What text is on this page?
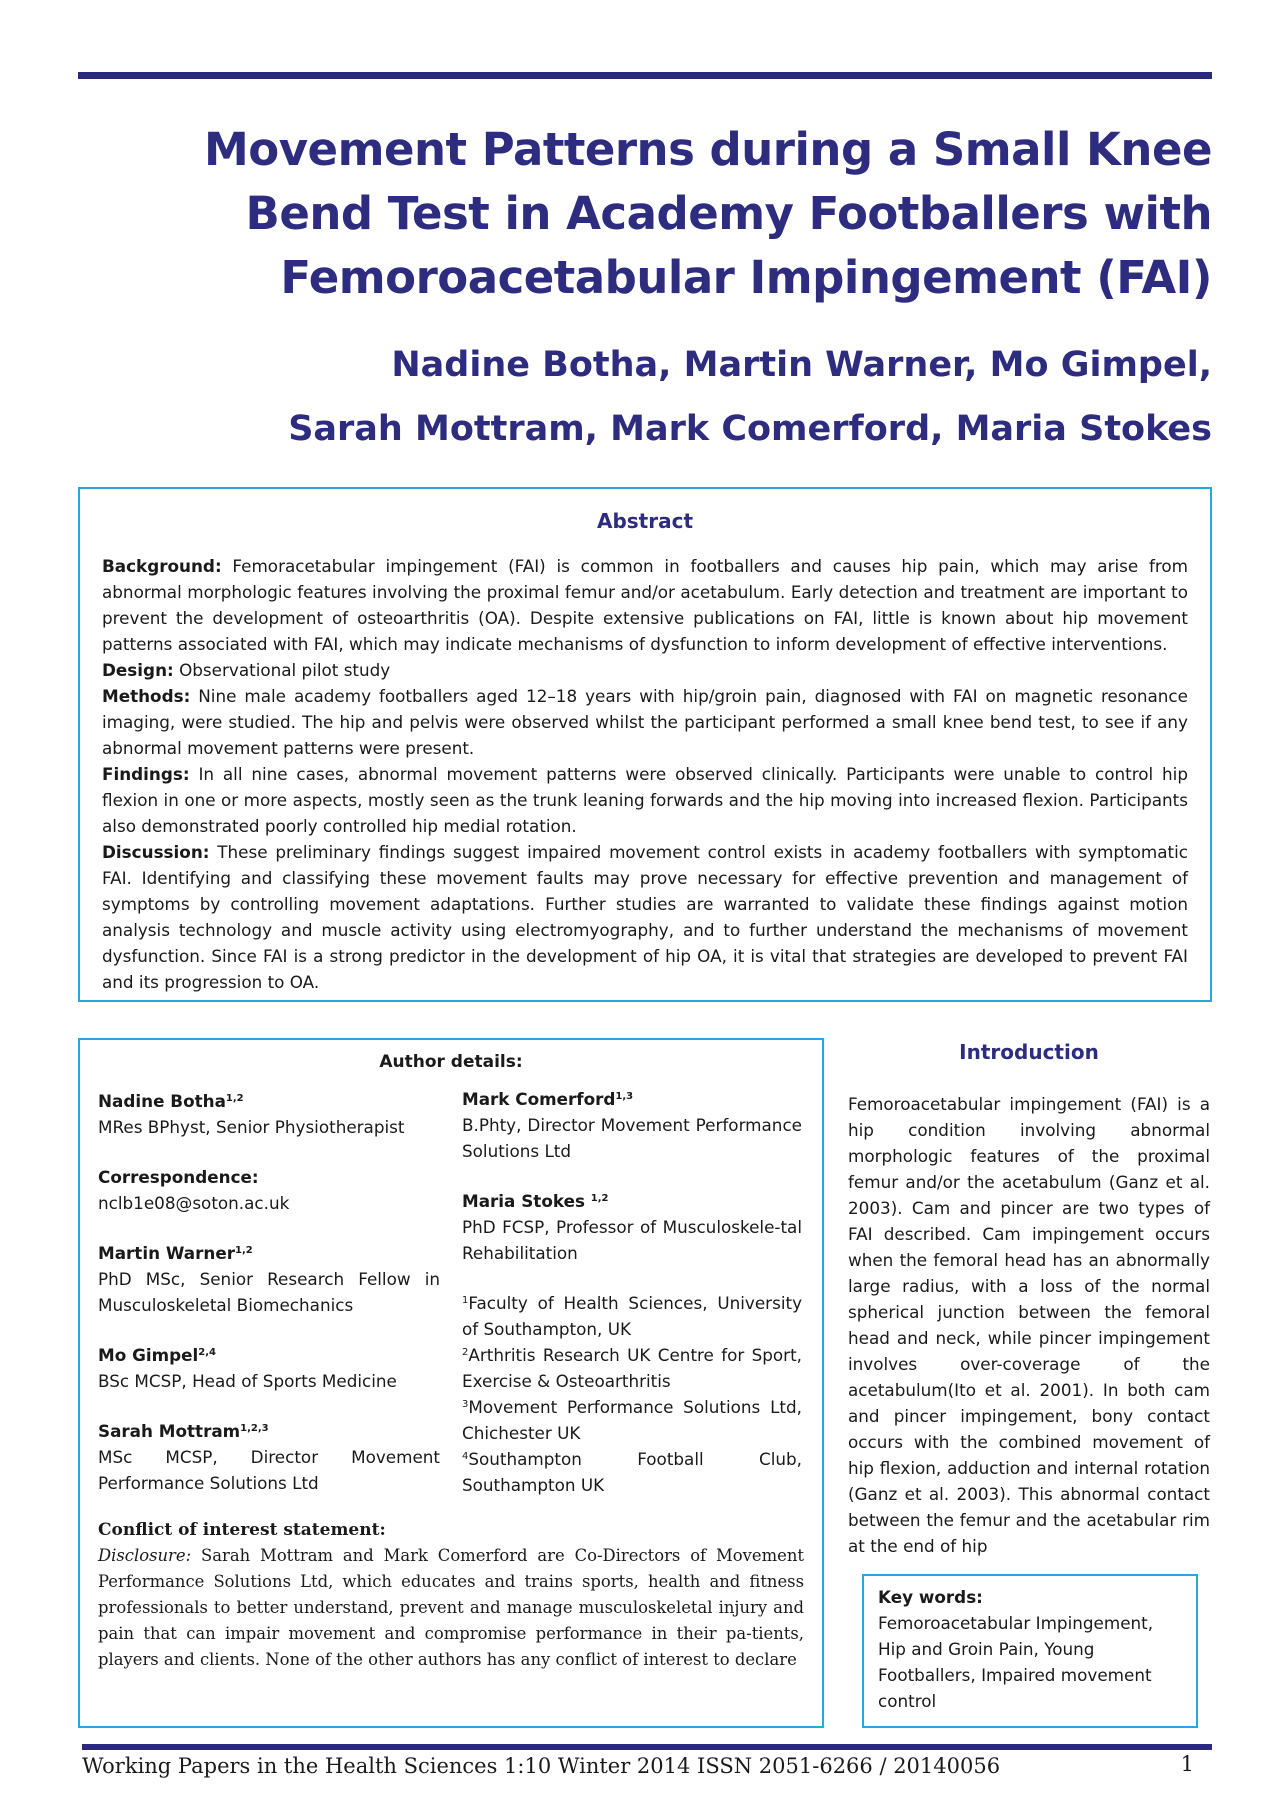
Movement Patterns during a Small Knee
Bend Test in Academy Footballers with
Femoroacetabular Impingement (FAI)
Nadine Botha, Martin Warner, Mo Gimpel,
Sarah Mottram, Mark Comerford, Maria Stokes
Abstract

Background: Femoracetabular impingement (FAI) is common in footballers and causes hip pain, which may arise from abnormal morphologic features involving the proximal femur and/or acetabulum. Early detection and treatment are important to prevent the development of osteoarthritis (OA). Despite extensive publications on FAI, little is known about hip movement patterns associated with FAI, which may indicate mechanisms of dysfunction to inform development of effective interventions.

Design: Observational pilot study

Methods: Nine male academy footballers aged 12–18 years with hip/groin pain, diagnosed with FAI on magnetic resonance imaging, were studied. The hip and pelvis were observed whilst the participant performed a small knee bend test, to see if any abnormal movement patterns were present.

Findings: In all nine cases, abnormal movement patterns were observed clinically. Participants were unable to control hip flexion in one or more aspects, mostly seen as the trunk leaning forwards and the hip moving into increased flexion. Participants also demonstrated poorly controlled hip medial rotation.

Discussion: These preliminary findings suggest impaired movement control exists in academy footballers with symptomatic FAI. Identifying and classifying these movement faults may prove necessary for effective prevention and management of symptoms by controlling movement adaptations. Further studies are warranted to validate these findings against motion analysis technology and muscle activity using electromyography, and to further understand the mechanisms of movement dysfunction. Since FAI is a strong predictor in the development of hip OA, it is vital that strategies are developed to prevent FAI and its progression to OA.

Author details:
Nadine Botha$^{1,2}$
MRes BPhyst, Senior Physiotherapist
Correspondence:
nclb1e08@soton.ac.uk
Martin Warner$^{1,2}$
PhD MSc, Senior Research Fellow in Musculoskeletal Biomechanics
Mo Gimpel$^{2,4}$
BSc MCSP, Head of Sports Medicine
Sarah Mottram$^{1,2,3}$
MSc MCSP, Director Movement Performance Solutions Ltd
Mark Comerford$^{1,3}$
B.Phty, Director Movement Performance Solutions Ltd
Maria Stokes $^{1,2}$
PhD FCSP, Professor of Musculoskele-tal Rehabilitation

$^1$Faculty of Health Sciences, University of Southampton, UK

$^2$Arthritis Research UK Centre for Sport, Exercise & Osteoarthritis

$^3$Movement Performance Solutions Ltd, Chichester UK

$^4$Southampton Football Club, Southampton UK

Conflict of interest statement:

Disclosure: Sarah Mottram and Mark Comerford are Co-Directors of Movement Performance Solutions Ltd, which educates and trains sports, health and fitness professionals to better understand, prevent and manage musculoskeletal injury and pain that can impair movement and compromise performance in their pa-tients, players and clients. None of the other authors has any conflict of interest to declare

Introduction

Femoroacetabular impingement (FAI) is a hip condition involving abnormal morphologic features of the proximal femur and/or the acetabulum (Ganz et al. 2003). Cam and pincer are two types of FAI described. Cam impingement occurs when the femoral head has an abnormally large radius, with a loss of the normal spherical junction between the femoral head and neck, while pincer impingement involves over-coverage of the acetabulum(Ito et al. 2001). In both cam and pincer impingement, bony contact occurs with the combined movement of hip flexion, adduction and internal rotation (Ganz et al. 2003). This abnormal contact between the femur and the acetabular rim at the end of hip

Key words:
Femoroacetabular Impingement, Hip and Groin Pain, Young Footballers, Impaired movement control
Working Papers in the Health Sciences 1:10 Winter 2014 ISSN 2051-6266 / 20140056	1
